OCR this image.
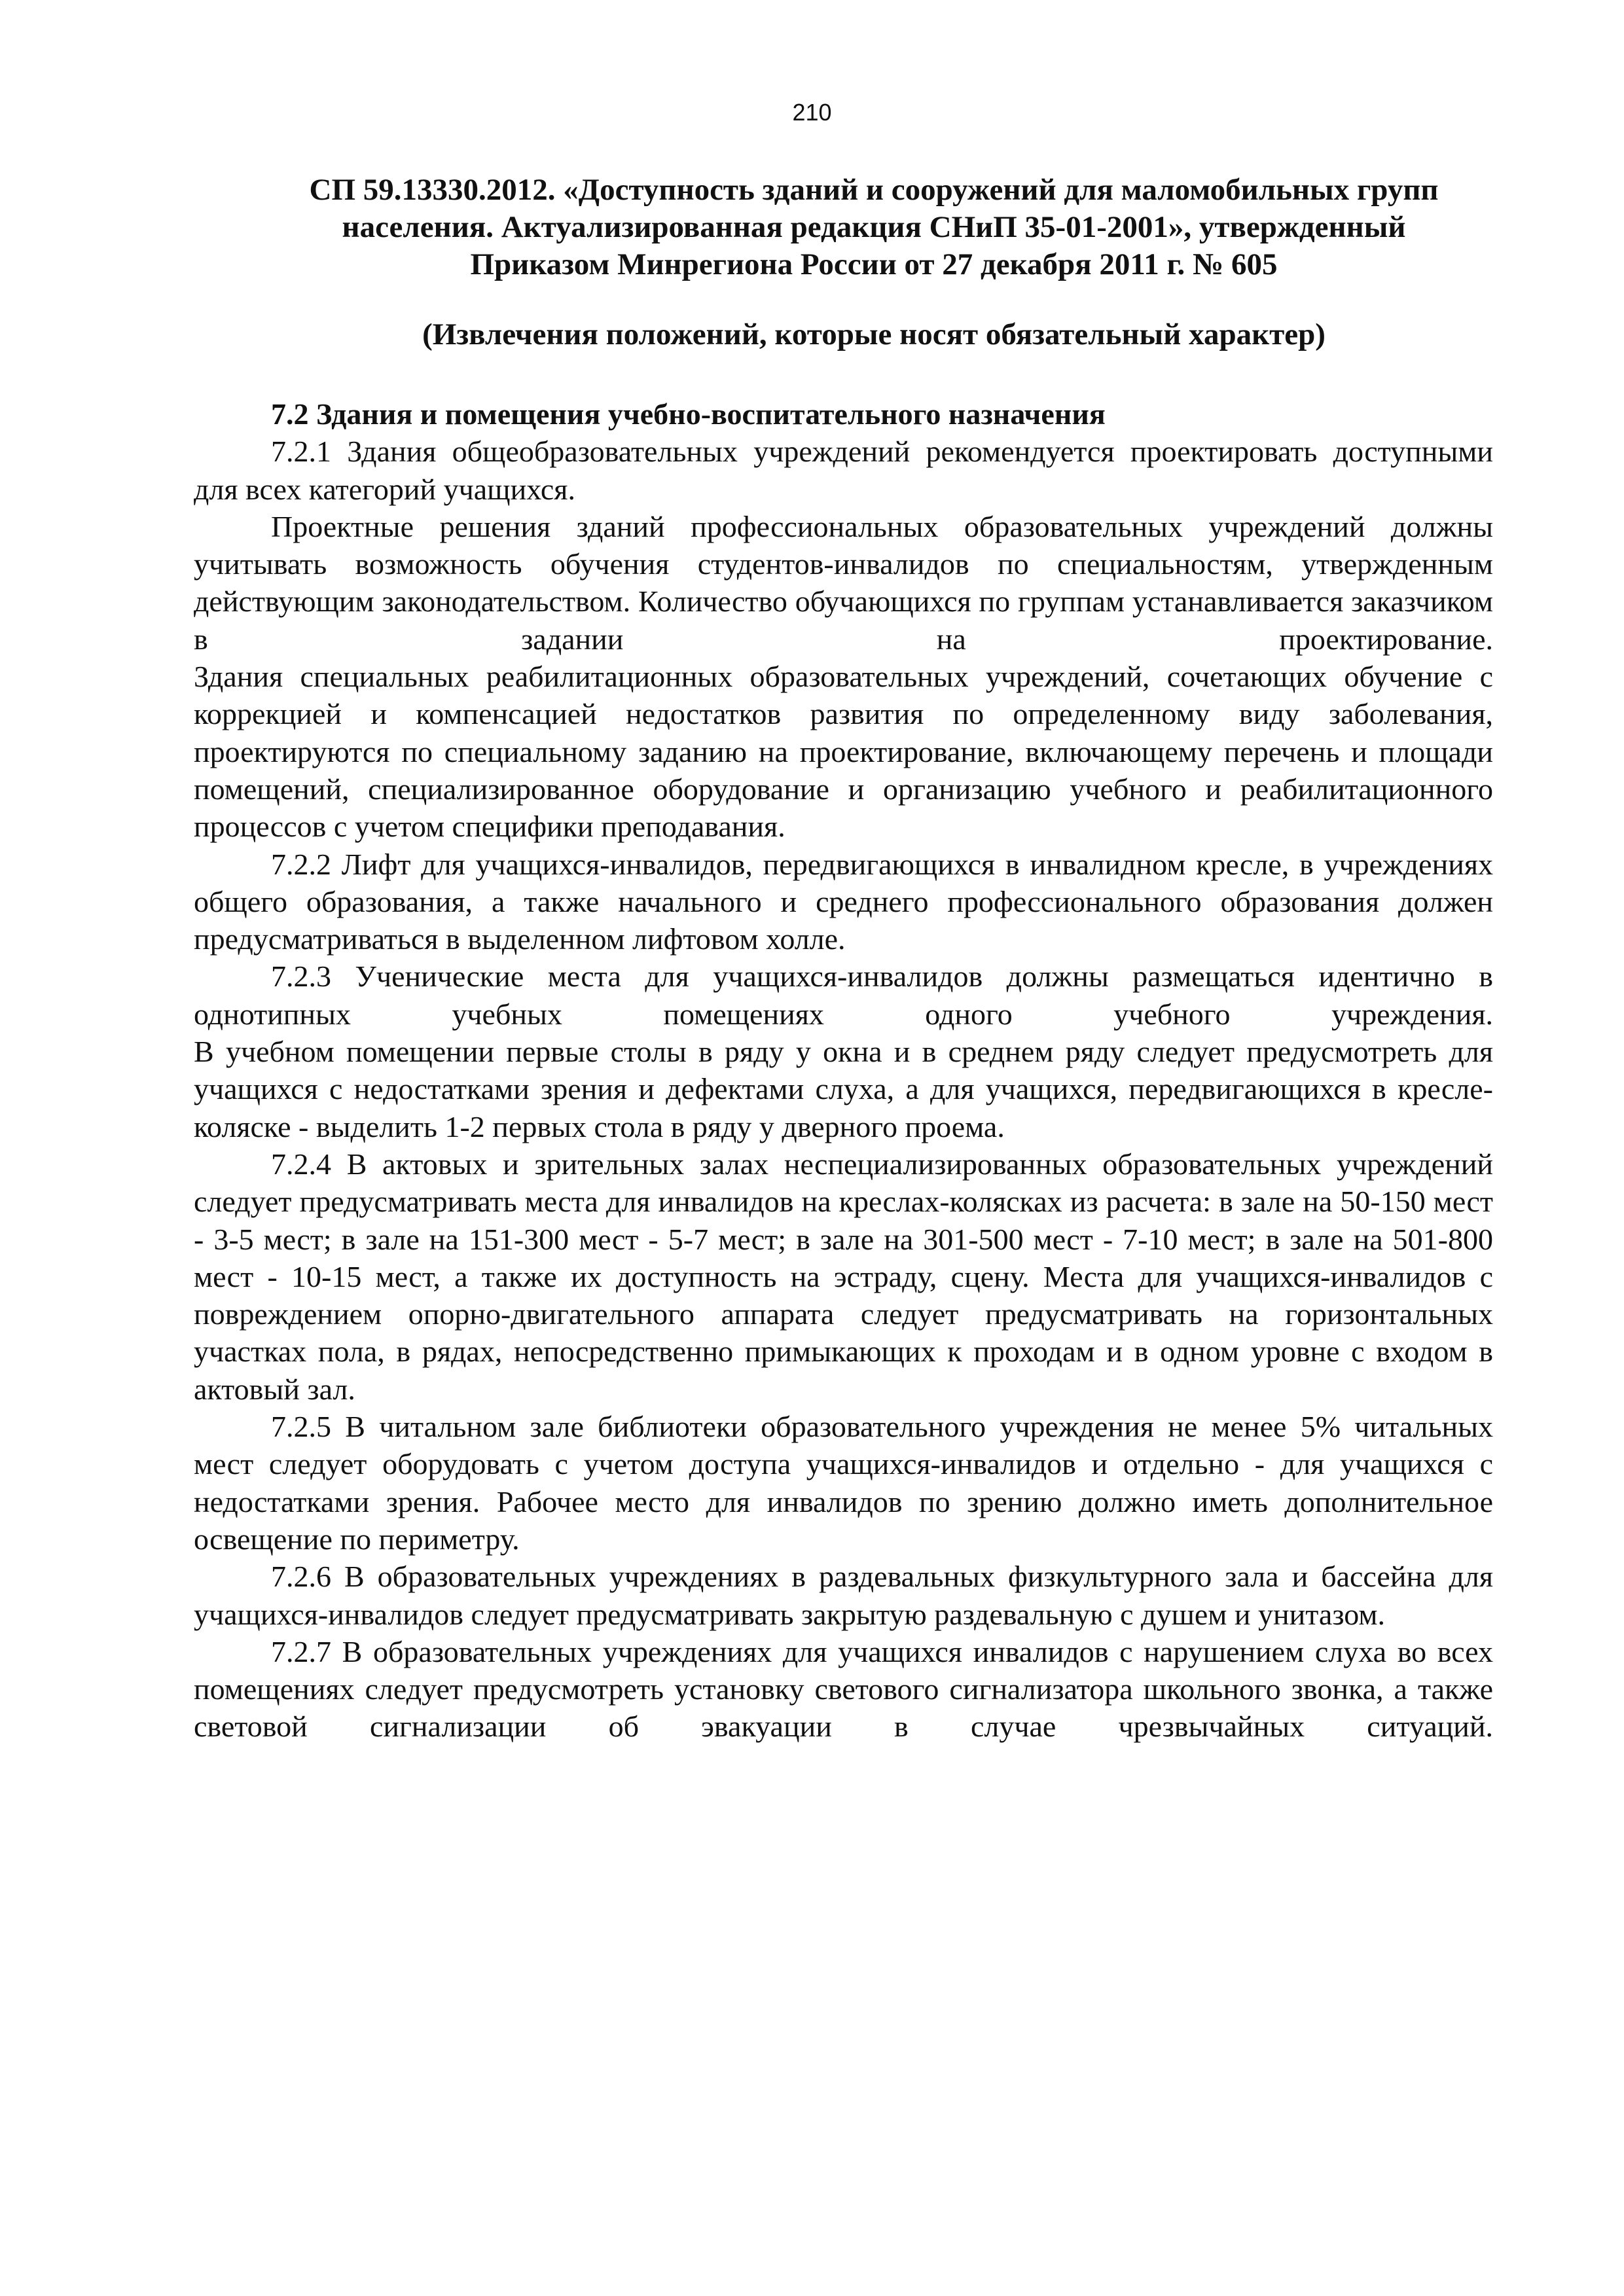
210
СП 59.13330.2012. «Доступность зданий и сооружений для маломобильных групп
населения. Актуализированная редакция СНиП 35-01-2001», утвержденный
Приказом Минрегиона России от 27 декабря 2011 г. № 605
(Извлечения положений, которые носят обязательный характер)

7.2 Здания и помещения учебно-воспитательного назначения

7.2.1 Здания общеобразовательных учреждений рекомендуется проектировать доступными для всех категорий учащихся.

Проектные решения зданий профессиональных образовательных учреждений должны учитывать возможность обучения студентов-инвалидов по специальностям, утвержденным действующим законодательством. Количество обучающихся по группам устанавливается заказчиком в задании на проектирование.

Здания специальных реабилитационных образовательных учреждений, сочетающих обучение с коррекцией и компенсацией недостатков развития по определенному виду заболевания, проектируются по специальному заданию на проектирование, включающему перечень и площади помещений, специализированное оборудование и организацию учебного и реабилитационного процессов с учетом специфики преподавания.

7.2.2 Лифт для учащихся-инвалидов, передвигающихся в инвалидном кресле, в учреждениях общего образования, а также начального и среднего профессионального образования должен предусматриваться в выделенном лифтовом холле.

7.2.3 Ученические места для учащихся-инвалидов должны размещаться идентично в однотипных учебных помещениях одного учебного учреждения.

В учебном помещении первые столы в ряду у окна и в среднем ряду следует предусмотреть для учащихся с недостатками зрения и дефектами слуха, а для учащихся, передвигающихся в кресле-коляске - выделить 1-2 первых стола в ряду у дверного проема.

7.2.4 В актовых и зрительных залах неспециализированных образовательных учреждений следует предусматривать места для инвалидов на креслах-колясках из расчета: в зале на 50-150 мест - 3-5 мест; в зале на 151-300 мест - 5-7 мест; в зале на 301-500 мест - 7-10 мест; в зале на 501-800 мест - 10-15 мест, а также их доступность на эстраду, сцену. Места для учащихся-инвалидов с повреждением опорно-двигательного аппарата следует предусматривать на горизонтальных участках пола, в рядах, непосредственно примыкающих к проходам и в одном уровне с входом в актовый зал.

7.2.5 В читальном зале библиотеки образовательного учреждения не менее 5% читальных мест следует оборудовать с учетом доступа учащихся-инвалидов и отдельно - для учащихся с недостатками зрения. Рабочее место для инвалидов по зрению должно иметь дополнительное освещение по периметру.

7.2.6 В образовательных учреждениях в раздевальных физкультурного зала и бассейна для учащихся-инвалидов следует предусматривать закрытую раздевальную с душем и унитазом.

7.2.7 В образовательных учреждениях для учащихся инвалидов с нарушением слуха во всех помещениях следует предусмотреть установку светового сигнализатора школьного звонка, а также световой сигнализации об эвакуации в случае чрезвычайных ситуаций.
